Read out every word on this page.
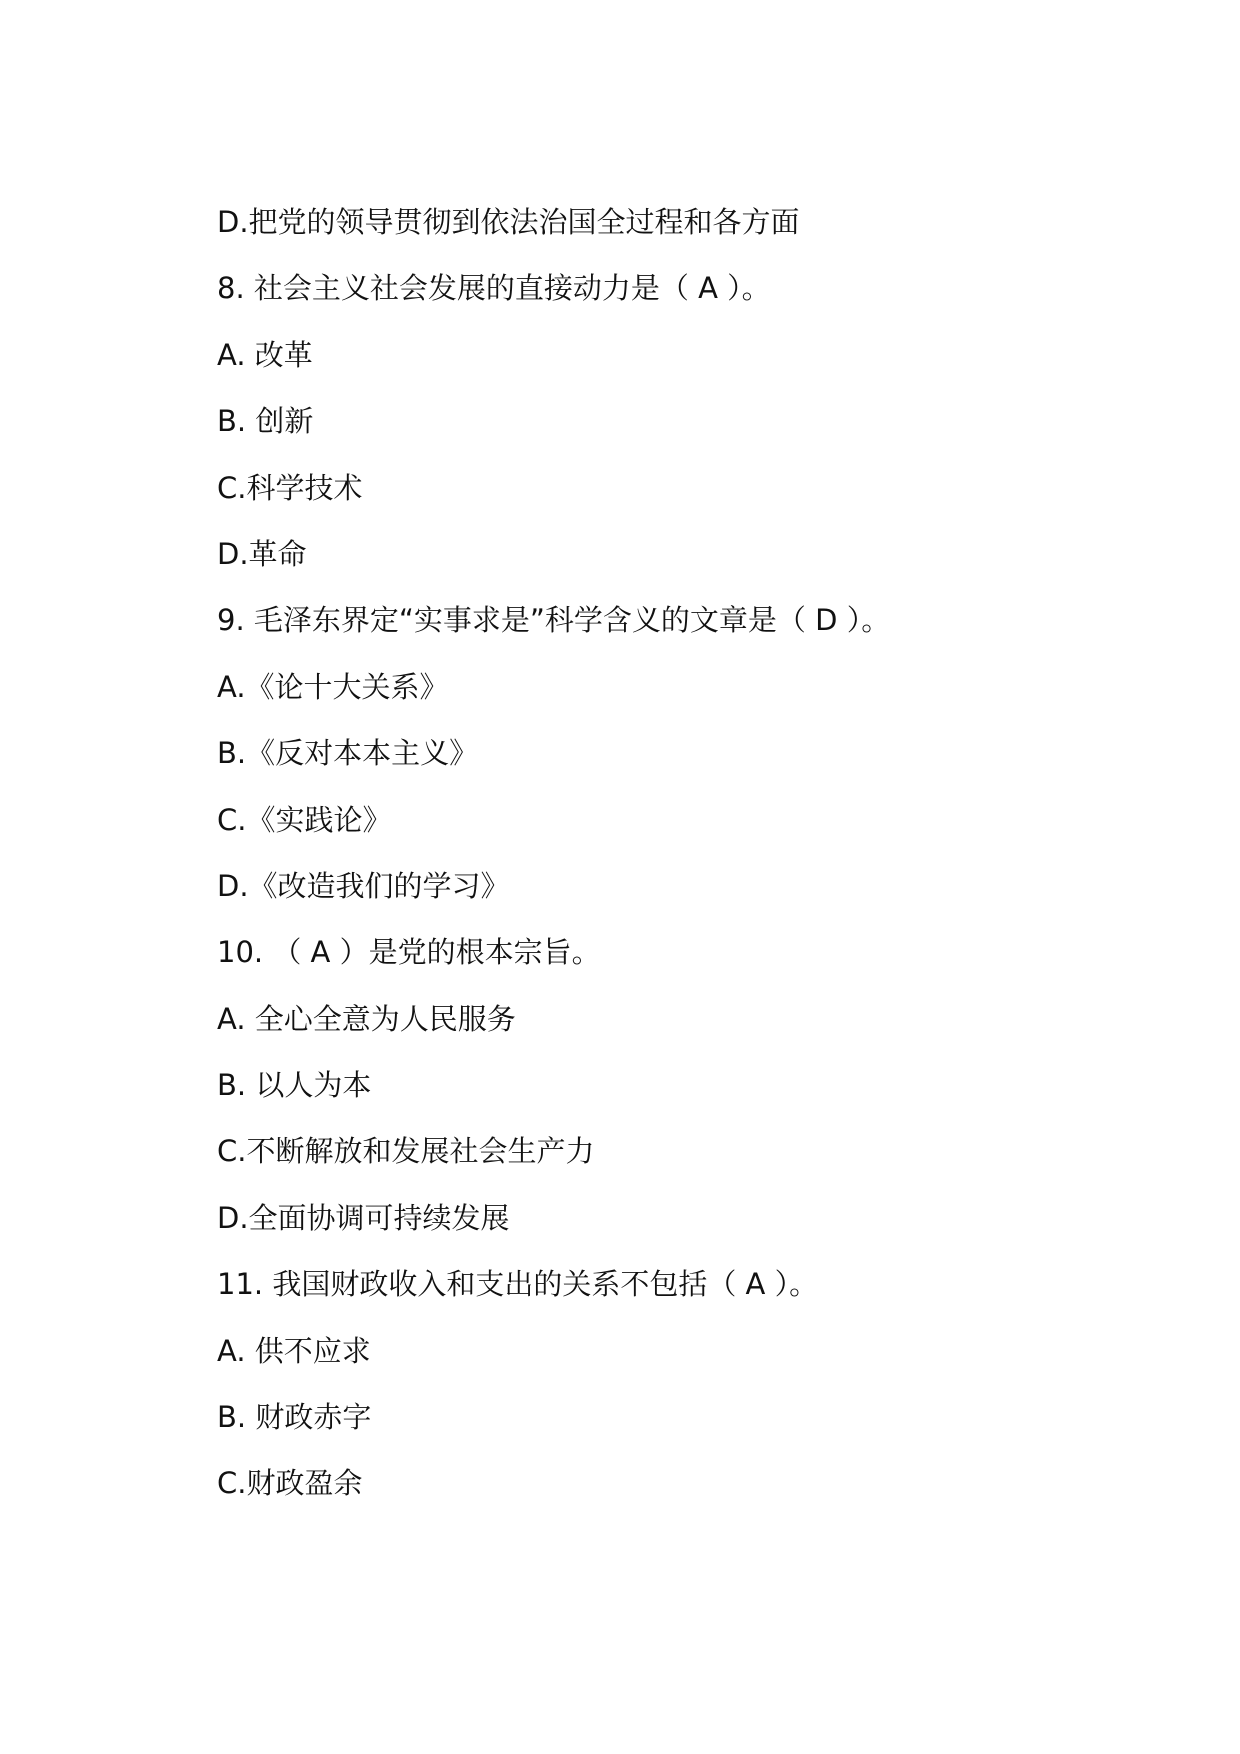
D.把党的领导贯彻到依法治国全过程和各方面
8. 社会主义社会发展的直接动力是（ A ）。
A. 改革
B. 创新
C.科学技术
D.革命
9. 毛泽东界定“实事求是”科学含义的文章是（ D ）。
A.《论十大关系》
B.《反对本本主义》
C.《实践论》
D.《改造我们的学习》
10. （ A ）是党的根本宗旨。
A. 全心全意为人民服务
B. 以人为本
C.不断解放和发展社会生产力
D.全面协调可持续发展
11. 我国财政收入和支出的关系不包括（ A ）。
A. 供不应求
B. 财政赤字
C.财政盈余
